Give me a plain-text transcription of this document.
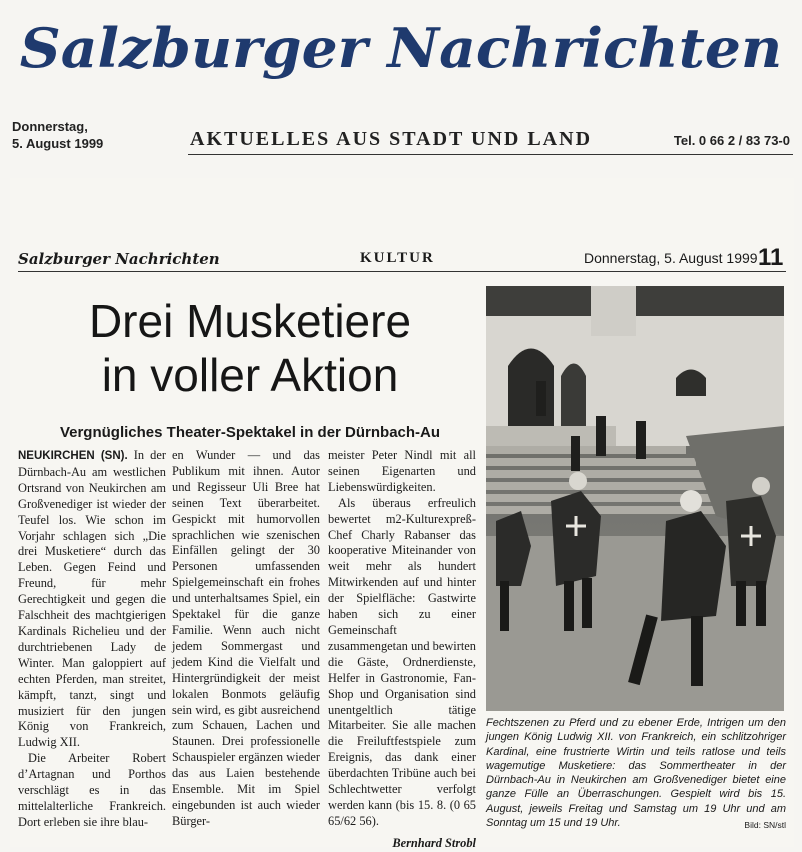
Salzburger Nachrichten
Donnerstag,
5. August 1999	AKTUELLES AUS STADT UND LAND	Tel. 0 66 2 / 83 73-0
Salzburger Nachrichten	KULTUR	Donnerstag, 5. August 1999 11
Drei Musketiere
in voller Aktion
Vergnügliches Theater-Spektakel in der Dürnbach-Au

NEUKIRCHEN (SN). In der Dürnbach-Au am westlichen Ortsrand von Neukirchen am Großvenediger ist wieder der Teufel los. Wie schon im Vorjahr schlagen sich „Die drei Musketiere“ durch das Leben. Gegen Feind und Freund, für mehr Gerechtigkeit und gegen die Falschheit des machtgierigen Kardinals Richelieu und der durchtriebenen Lady de Winter. Man galoppiert auf echten Pferden, man streitet, kämpft, tanzt, singt und musiziert für den jungen König von Frankreich, Ludwig XII.

Die Arbeiter Robert d’Artagnan und Porthos verschlägt es in das mittelalterliche Frankreich. Dort erleben sie ihre blau-

en Wunder — und das Publikum mit ihnen. Autor und Regisseur Uli Bree hat seinen Text überarbeitet. Gespickt mit humorvollen sprachlichen wie szenischen Einfällen gelingt der 30 Personen umfassenden Spielgemeinschaft ein frohes und unterhaltsames Spiel, ein Spektakel für die ganze Familie. Wenn auch nicht jedem Sommergast und jedem Kind die Vielfalt und Hintergründigkeit der meist lokalen Bonmots geläufig sein wird, es gibt ausreichend zum Schauen, Lachen und Staunen. Drei professionelle Schauspieler ergänzen wieder das aus Laien bestehende Ensemble. Mit im Spiel eingebunden ist auch wieder Bürger-

meister Peter Nindl mit all seinen Eigenarten und Liebenswürdigkeiten.

Als überaus erfreulich bewertet m2-Kulturexpreß-Chef Charly Rabanser das kooperative Miteinander von weit mehr als hundert Mitwirkenden auf und hinter der Spielfläche: Gastwirte haben sich zu einer Gemeinschaft zusammengetan und bewirten die Gäste, Ordnerdienste, Helfer in Gastronomie, Fan-Shop und Organisation sind unentgeltlich tätige Mitarbeiter. Sie alle machen die Freiluftfestspiele zum Ereignis, das dank einer überdachten Tribüne auch bei Schlechtwetter verfolgt werden kann (bis 15. 8. (0 65 65/62 56).

Bernhard Strobl
Fechtszenen zu Pferd und zu ebener Erde, Intrigen um den jungen König Ludwig XII. von Frankreich, ein schlitzohriger Kardinal, eine frustrierte Wirtin und teils ratlose und teils wagemutige Musketiere: das Sommertheater in der Dürnbach-Au in Neukirchen am Großvenediger bietet eine ganze Fülle an Überraschungen. Gespielt wird bis 15. August, jeweils Freitag und Samstag um 19 Uhr und am Sonntag um 15 und 19 Uhr.	Bild: SN/stl
